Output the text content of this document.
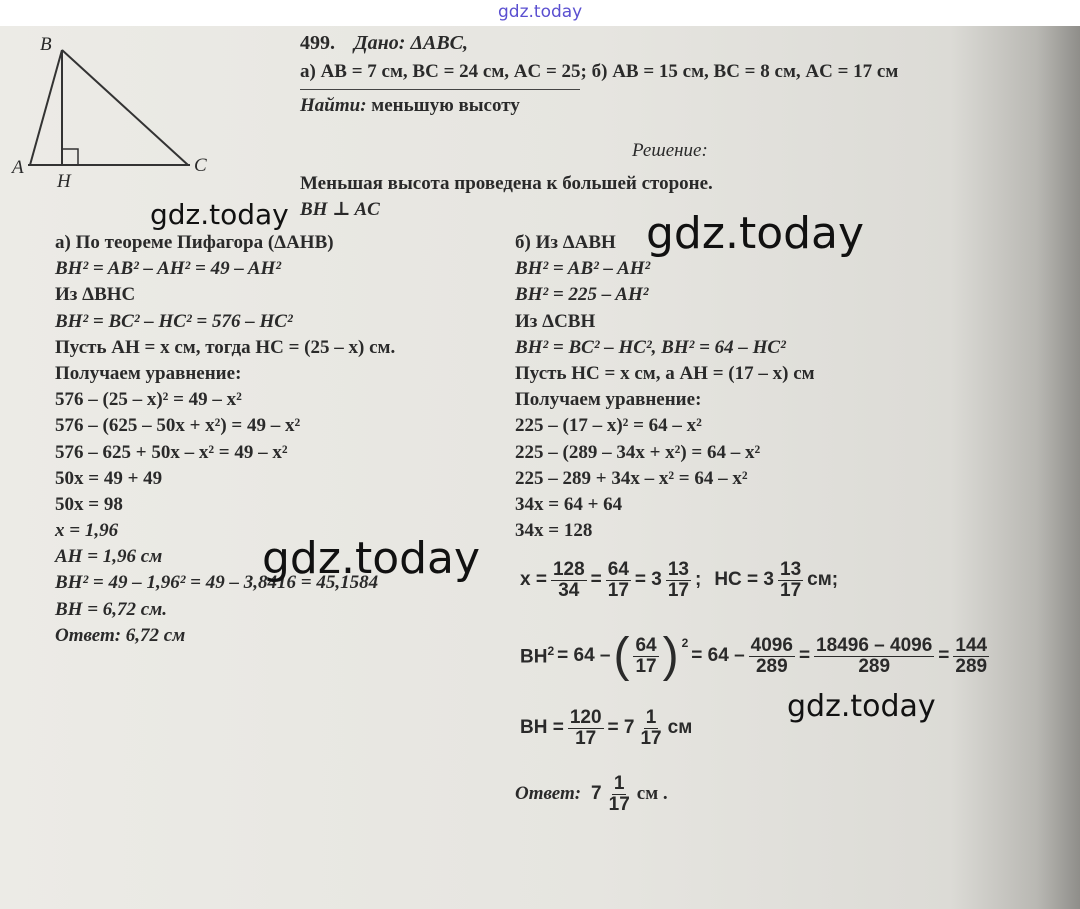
gdz.today
B
A
H
C
499. Дано: ΔABC,
а) AB = 7 см, BC = 24 см, AC = 25; б) AB = 15 см, BC = 8 см, AC = 17 см
Найти: меньшую высоту
Решение:
Меньшая высота проведена к большей стороне.
BH ⊥ AC
а) По теореме Пифагора (ΔAHB)
BH² = AB² – AH² = 49 – AH²
Из ΔBHC
BH² = BC² – HC² = 576 – HC²
Пусть AH = x см, тогда HC = (25 – x) см.
Получаем уравнение:
576 – (25 – x)² = 49 – x²
576 – (625 – 50x + x²) = 49 – x²
576 – 625 + 50x – x² = 49 – x²
50x = 49 + 49
50x = 98
x = 1,96
AH = 1,96 см
BH² = 49 – 1,96² = 49 – 3,8416 = 45,1584
BH = 6,72 см.
Ответ: 6,72 см
б) Из ΔABH
BH² = AB² – AH²
BH² = 225 – AH²
Из ΔCBH
BH² = BC² – HC², BH² = 64 – HC²
Пусть HC = x см, а AH = (17 – x) см
Получаем уравнение:
225 – (17 – x)² = 64 – x²
225 – (289 – 34x + x²) = 64 – x²
225 – 289 + 34x – x² = 64 – x²
34x = 64 + 64
34x = 128
$x = \frac{128}{34} = \frac{64}{17} = 3 \frac{13}{17}$ ; HC = $3 \frac{13}{17}$ см;
$BH^2 = 64$ – ( $\frac{64}{17}$ ) $^2$
= $64 - \frac{4096}{289} = \frac{18496 - 4096}{289} = \frac{144}{289}$
BH = $\frac{120}{17} = 7 \frac{1}{17}$ см
Ответ: $7 \frac{1}{17}$ см .
gdz.today	gdz.today
gdz.today
gdz.today
